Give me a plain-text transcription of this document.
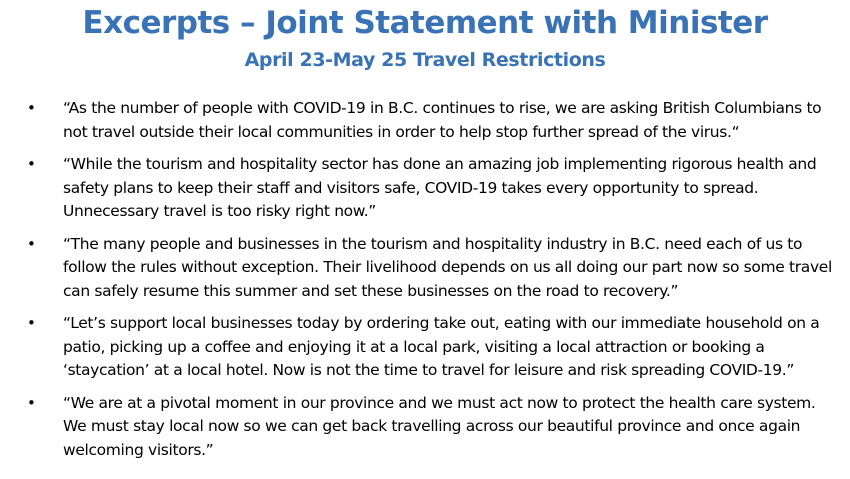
Excerpts – Joint Statement with Minister
April 23-May 25 Travel Restrictions
• “As the number of people with COVID-19 in B.C. continues to rise, we are asking British Columbians to not travel outside their local communities in order to help stop further spread of the virus.“
• “While the tourism and hospitality sector has done an amazing job implementing rigorous health and safety plans to keep their staff and visitors safe, COVID-19 takes every opportunity to spread. Unnecessary travel is too risky right now.”
• “The many people and businesses in the tourism and hospitality industry in B.C. need each of us to follow the rules without exception. Their livelihood depends on us all doing our part now so some travel can safely resume this summer and set these businesses on the road to recovery.”
• “Let’s support local businesses today by ordering take out, eating with our immediate household on a patio, picking up a coffee and enjoying it at a local park, visiting a local attraction or booking a ‘staycation’ at a local hotel. Now is not the time to travel for leisure and risk spreading COVID-19.”
• “We are at a pivotal moment in our province and we must act now to protect the health care system. We must stay local now so we can get back travelling across our beautiful province and once again welcoming visitors.”
